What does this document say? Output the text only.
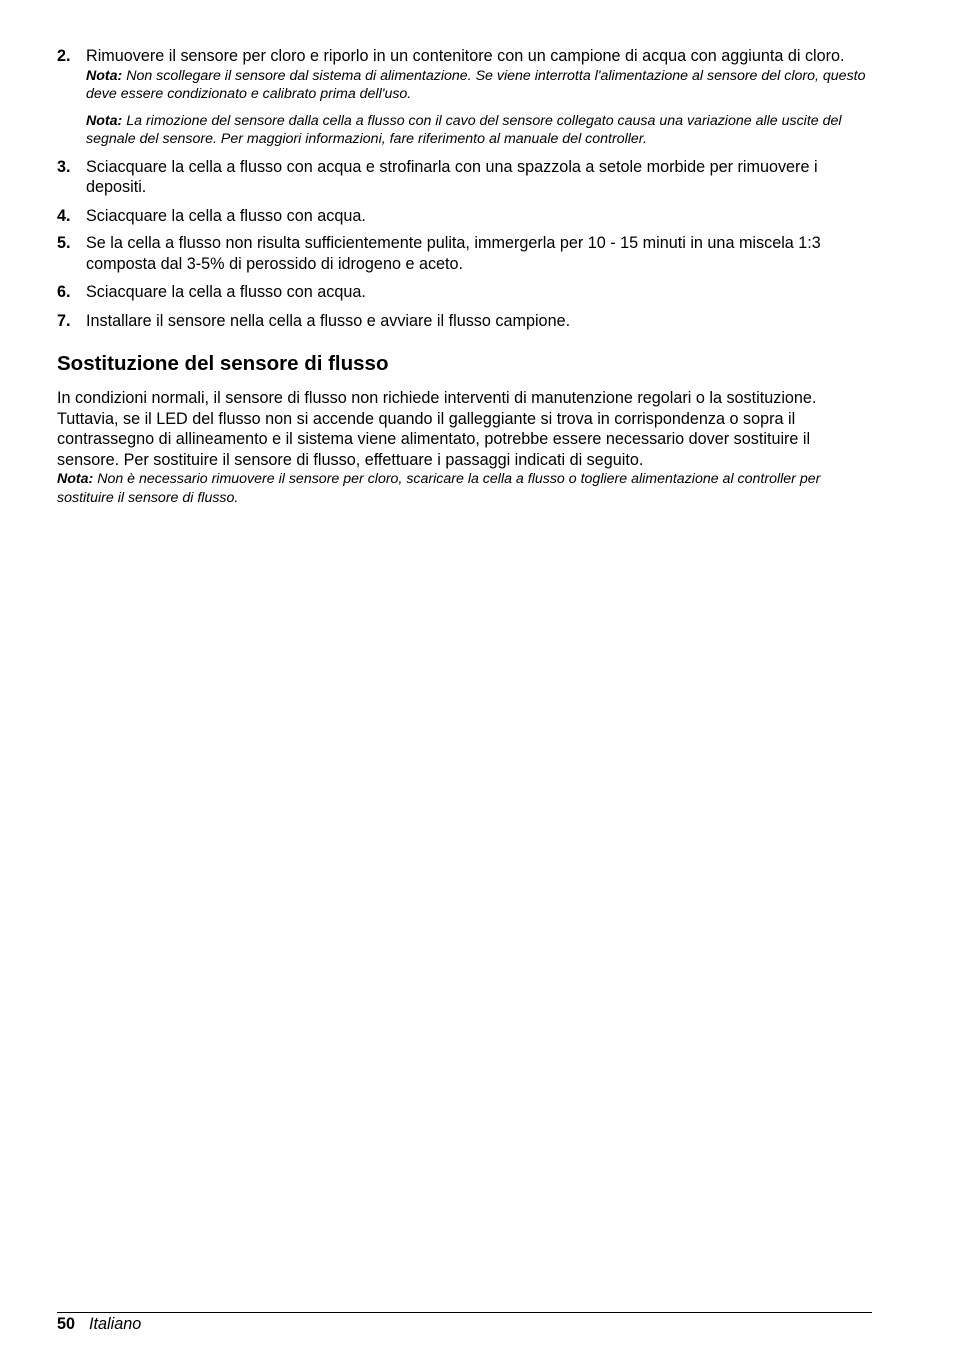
2. Rimuovere il sensore per cloro e riporlo in un contenitore con un campione di acqua con aggiunta di cloro.
Nota: Non scollegare il sensore dal sistema di alimentazione. Se viene interrotta l'alimentazione al sensore del cloro, questo deve essere condizionato e calibrato prima dell'uso.
Nota: La rimozione del sensore dalla cella a flusso con il cavo del sensore collegato causa una variazione alle uscite del segnale del sensore. Per maggiori informazioni, fare riferimento al manuale del controller.
3. Sciacquare la cella a flusso con acqua e strofinarla con una spazzola a setole morbide per rimuovere i depositi.
4. Sciacquare la cella a flusso con acqua.
5. Se la cella a flusso non risulta sufficientemente pulita, immergerla per 10 - 15 minuti in una miscela 1:3 composta dal 3-5% di perossido di idrogeno e aceto.
6. Sciacquare la cella a flusso con acqua.
7. Installare il sensore nella cella a flusso e avviare il flusso campione.
Sostituzione del sensore di flusso
In condizioni normali, il sensore di flusso non richiede interventi di manutenzione regolari o la sostituzione. Tuttavia, se il LED del flusso non si accende quando il galleggiante si trova in corrispondenza o sopra il contrassegno di allineamento e il sistema viene alimentato, potrebbe essere necessario dover sostituire il sensore. Per sostituire il sensore di flusso, effettuare i passaggi indicati di seguito.
Nota: Non è necessario rimuovere il sensore per cloro, scaricare la cella a flusso o togliere alimentazione al controller per sostituire il sensore di flusso.
50 Italiano
